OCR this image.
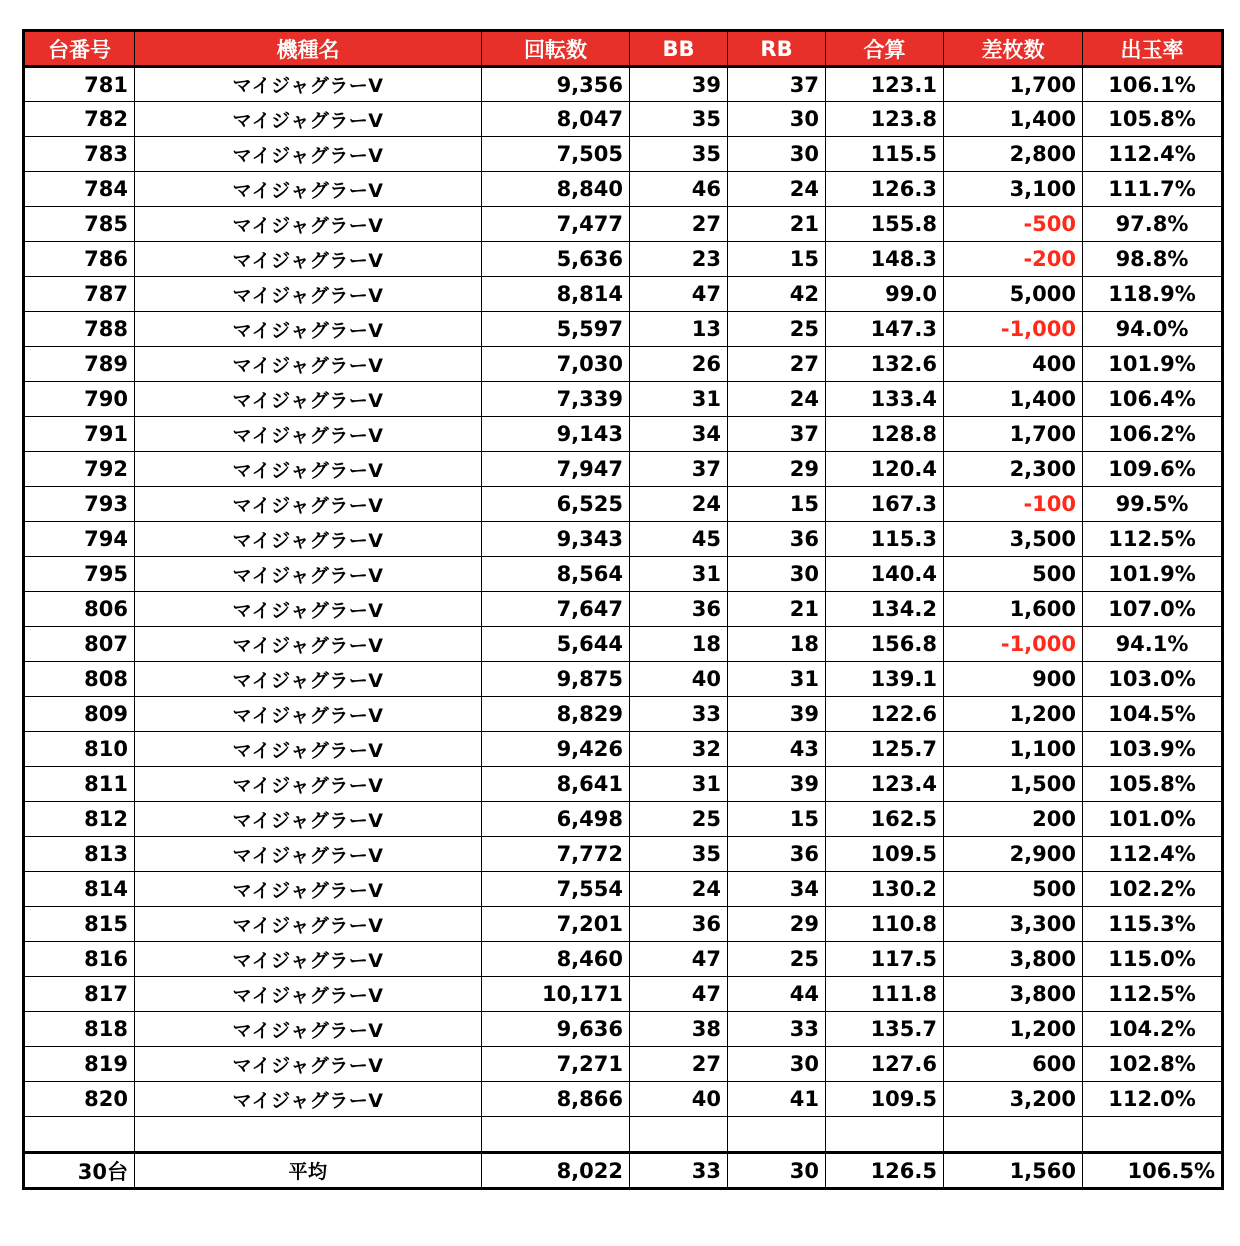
台番号	機種名	回転数	BB	RB	合算	差枚数	出玉率
781	マイジャグラーV	9,356	39	37	123.1	1,700	106.1%
782	マイジャグラーV	8,047	35	30	123.8	1,400	105.8%
783	マイジャグラーV	7,505	35	30	115.5	2,800	112.4%
784	マイジャグラーV	8,840	46	24	126.3	3,100	111.7%
785	マイジャグラーV	7,477	27	21	155.8	-500	97.8%
786	マイジャグラーV	5,636	23	15	148.3	-200	98.8%
787	マイジャグラーV	8,814	47	42	99.0	5,000	118.9%
788	マイジャグラーV	5,597	13	25	147.3	-1,000	94.0%
789	マイジャグラーV	7,030	26	27	132.6	400	101.9%
790	マイジャグラーV	7,339	31	24	133.4	1,400	106.4%
791	マイジャグラーV	9,143	34	37	128.8	1,700	106.2%
792	マイジャグラーV	7,947	37	29	120.4	2,300	109.6%
793	マイジャグラーV	6,525	24	15	167.3	-100	99.5%
794	マイジャグラーV	9,343	45	36	115.3	3,500	112.5%
795	マイジャグラーV	8,564	31	30	140.4	500	101.9%
806	マイジャグラーV	7,647	36	21	134.2	1,600	107.0%
807	マイジャグラーV	5,644	18	18	156.8	-1,000	94.1%
808	マイジャグラーV	9,875	40	31	139.1	900	103.0%
809	マイジャグラーV	8,829	33	39	122.6	1,200	104.5%
810	マイジャグラーV	9,426	32	43	125.7	1,100	103.9%
811	マイジャグラーV	8,641	31	39	123.4	1,500	105.8%
812	マイジャグラーV	6,498	25	15	162.5	200	101.0%
813	マイジャグラーV	7,772	35	36	109.5	2,900	112.4%
814	マイジャグラーV	7,554	24	34	130.2	500	102.2%
815	マイジャグラーV	7,201	36	29	110.8	3,300	115.3%
816	マイジャグラーV	8,460	47	25	117.5	3,800	115.0%
817	マイジャグラーV	10,171	47	44	111.8	3,800	112.5%
818	マイジャグラーV	9,636	38	33	135.7	1,200	104.2%
819	マイジャグラーV	7,271	27	30	127.6	600	102.8%
820	マイジャグラーV	8,866	40	41	109.5	3,200	112.0%

30台	平均	8,022	33	30	126.5	1,560	106.5%
